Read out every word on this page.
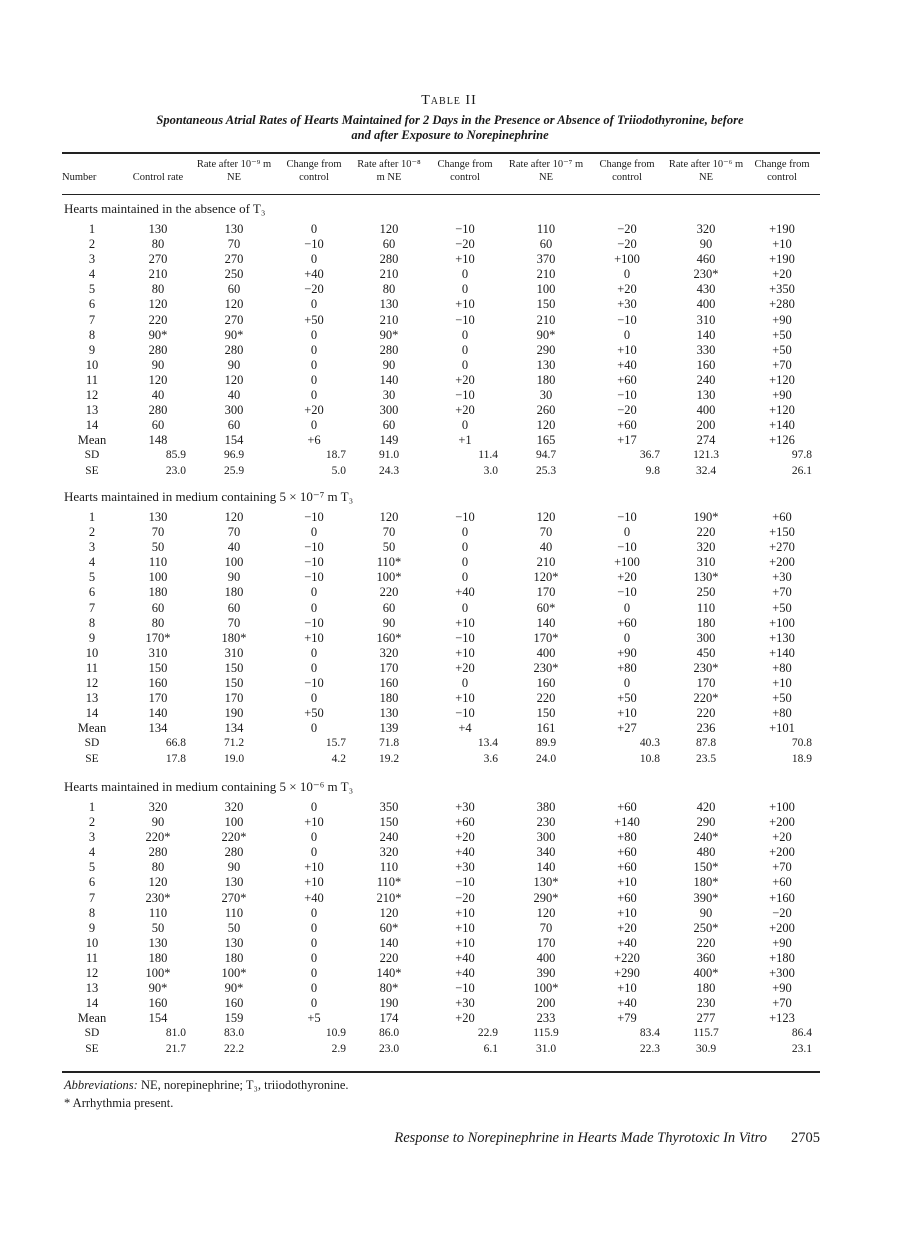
Table II
Spontaneous Atrial Rates of Hearts Maintained for 2 Days in the Presence or Absence of Triiodothyronine, before and after Exposure to Norepinephrine
Number	Control rate	Rate after 10⁻⁹ m NE	Change from control	Rate after 10⁻⁸ m NE	Change from control	Rate after 10⁻⁷ m NE	Change from control	Rate after 10⁻⁶ m NE	Change from control
Hearts maintained in the absence of T₃
1	130	130	0	120	−10	110	−20	320	+190
2	80	70	−10	60	−20	60	−20	90	+10
3	270	270	0	280	+10	370	+100	460	+190
4	210	250	+40	210	0	210	0	230*	+20
5	80	60	−20	80	0	100	+20	430	+350
6	120	120	0	130	+10	150	+30	400	+280
7	220	270	+50	210	−10	210	−10	310	+90
8	90*	90*	0	90*	0	90*	0	140	+50
9	280	280	0	280	0	290	+10	330	+50
10	90	90	0	90	0	130	+40	160	+70
11	120	120	0	140	+20	180	+60	240	+120
12	40	40	0	30	−10	30	−10	130	+90
13	280	300	+20	300	+20	260	−20	400	+120
14	60	60	0	60	0	120	+60	200	+140
Mean	148	154	+6	149	+1	165	+17	274	+126
SD	85.9	96.9	18.7	91.0	11.4	94.7	36.7	121.3	97.8
SE	23.0	25.9	5.0	24.3	3.0	25.3	9.8	32.4	26.1
Hearts maintained in medium containing 5 × 10⁻⁷ m T₃
1	130	120	−10	120	−10	120	−10	190*	+60
2	70	70	0	70	0	70	0	220	+150
3	50	40	−10	50	0	40	−10	320	+270
4	110	100	−10	110*	0	210	+100	310	+200
5	100	90	−10	100*	0	120*	+20	130*	+30
6	180	180	0	220	+40	170	−10	250	+70
7	60	60	0	60	0	60*	0	110	+50
8	80	70	−10	90	+10	140	+60	180	+100
9	170*	180*	+10	160*	−10	170*	0	300	+130
10	310	310	0	320	+10	400	+90	450	+140
11	150	150	0	170	+20	230*	+80	230*	+80
12	160	150	−10	160	0	160	0	170	+10
13	170	170	0	180	+10	220	+50	220*	+50
14	140	190	+50	130	−10	150	+10	220	+80
Mean	134	134	0	139	+4	161	+27	236	+101
SD	66.8	71.2	15.7	71.8	13.4	89.9	40.3	87.8	70.8
SE	17.8	19.0	4.2	19.2	3.6	24.0	10.8	23.5	18.9
Hearts maintained in medium containing 5 × 10⁻⁶ m T₃
1	320	320	0	350	+30	380	+60	420	+100
2	90	100	+10	150	+60	230	+140	290	+200
3	220*	220*	0	240	+20	300	+80	240*	+20
4	280	280	0	320	+40	340	+60	480	+200
5	80	90	+10	110	+30	140	+60	150*	+70
6	120	130	+10	110*	−10	130*	+10	180*	+60
7	230*	270*	+40	210*	−20	290*	+60	390*	+160
8	110	110	0	120	+10	120	+10	90	−20
9	50	50	0	60*	+10	70	+20	250*	+200
10	130	130	0	140	+10	170	+40	220	+90
11	180	180	0	220	+40	400	+220	360	+180
12	100*	100*	0	140*	+40	390	+290	400*	+300
13	90*	90*	0	80*	−10	100*	+10	180	+90
14	160	160	0	190	+30	200	+40	230	+70
Mean	154	159	+5	174	+20	233	+79	277	+123
SD	81.0	83.0	10.9	86.0	22.9	115.9	83.4	115.7	86.4
SE	21.7	22.2	2.9	23.0	6.1	31.0	22.3	30.9	23.1
Abbreviations: NE, norepinephrine; T₃, triiodothyronine.
* Arrhythmia present.
Response to Norepinephrine in Hearts Made Thyrotoxic In Vitro 2705
